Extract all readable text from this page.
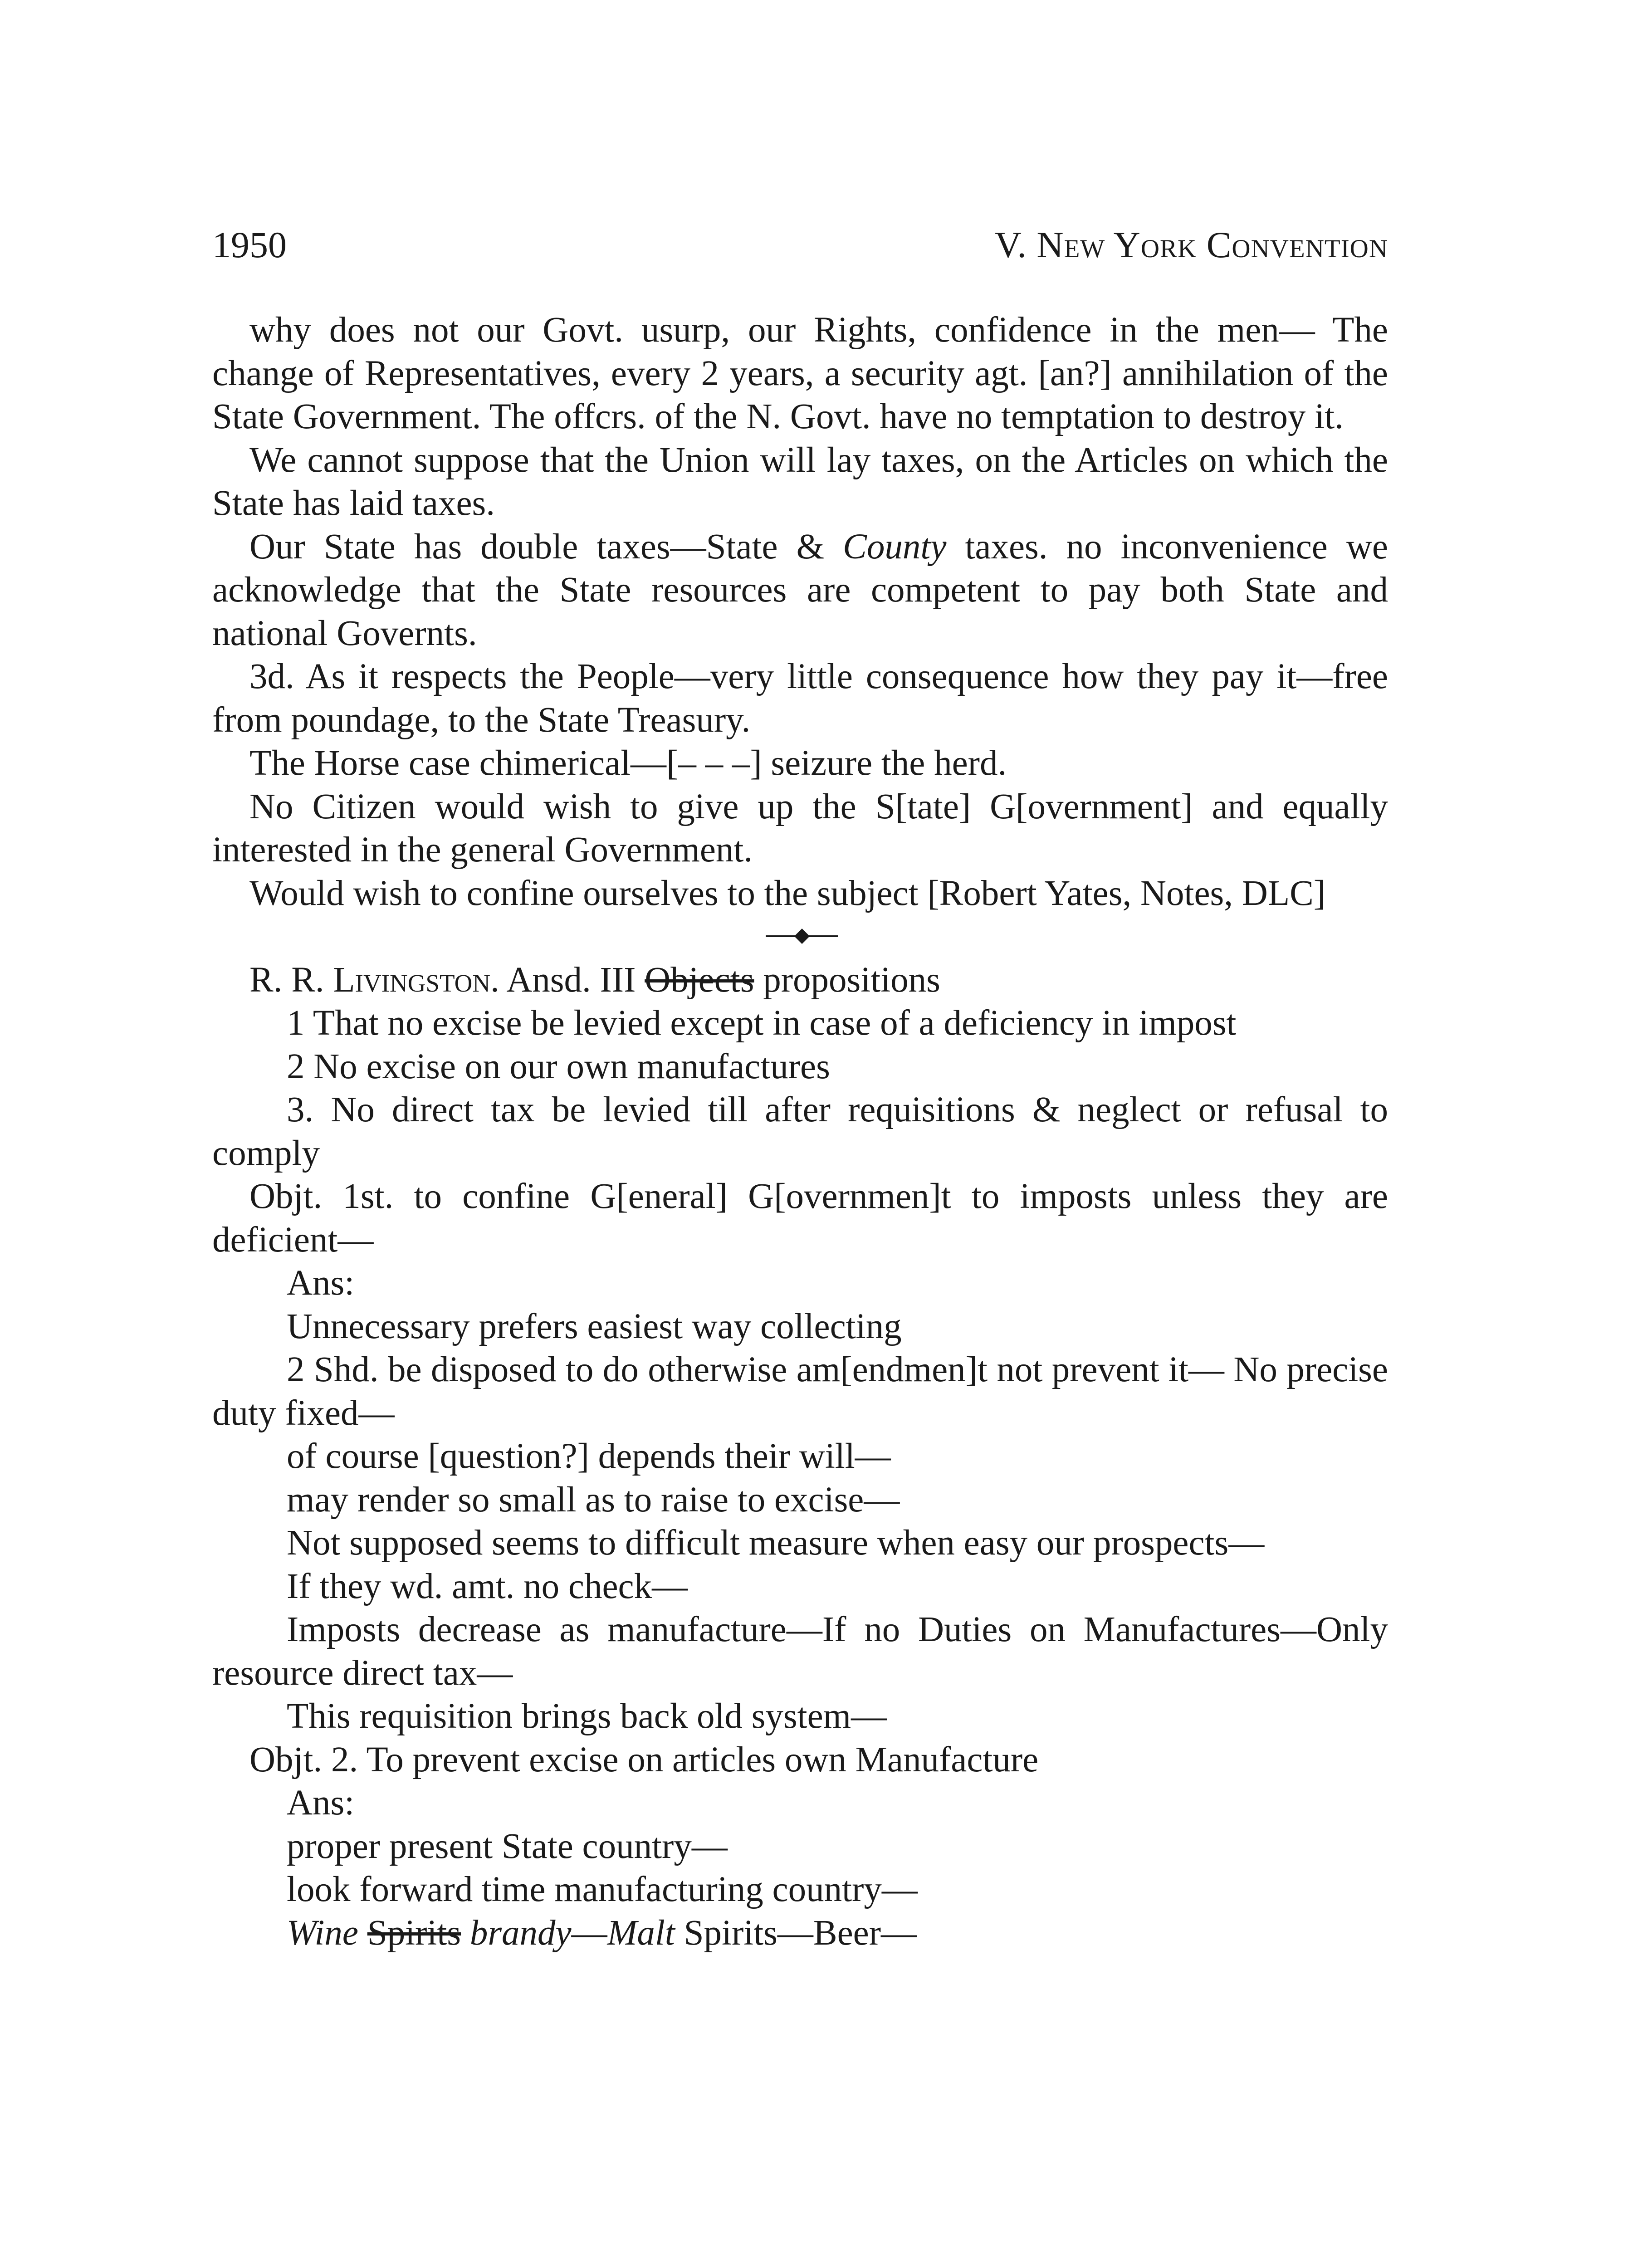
1950	V. New York Convention

why does not our Govt. usurp, our Rights, confidence in the men— The change of Representatives, every 2 years, a security agt. [an?] annihilation of the State Government. The offcrs. of the N. Govt. have no temptation to destroy it.

We cannot suppose that the Union will lay taxes, on the Articles on which the State has laid taxes.

Our State has double taxes—State & County taxes. no inconvenience we acknowledge that the State resources are competent to pay both State and national Governts.

3d. As it respects the People—very little consequence how they pay it—free from poundage, to the State Treasury.

The Horse case chimerical—[– – –] seizure the herd.

No Citizen would wish to give up the S[tate] G[overnment] and equally interested in the general Government.

Would wish to confine ourselves to the subject [Robert Yates, Notes, DLC]

R. R. Livingston. Ansd. III Objects propositions

1 That no excise be levied except in case of a deficiency in impost

2 No excise on our own manufactures

3. No direct tax be levied till after requisitions & neglect or refusal to comply

Objt. 1st. to confine G[eneral] G[overnmen]t to imposts unless they are deficient—

Ans:

Unnecessary prefers easiest way collecting

2 Shd. be disposed to do otherwise am[endmen]t not prevent it— No precise duty fixed—

of course [question?] depends their will—

may render so small as to raise to excise—

Not supposed seems to difficult measure when easy our prospects—

If they wd. amt. no check—

Imposts decrease as manufacture—If no Duties on Manufactures—Only resource direct tax—

This requisition brings back old system—

Objt. 2. To prevent excise on articles own Manufacture

Ans:

proper present State country—

look forward time manufacturing country—

Wine Spirits brandy—Malt Spirits—Beer—
